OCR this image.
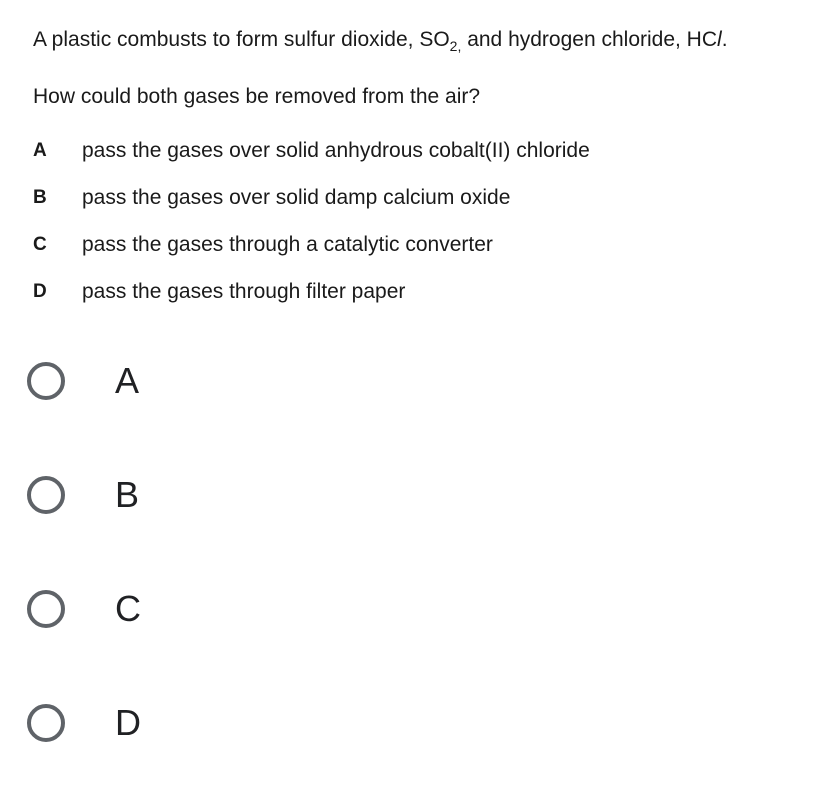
A plastic combusts to form sulfur dioxide, $SO_{2,}$ and hydrogen chloride, HCl.
How could both gases be removed from the air?
A	pass the gases over solid anhydrous cobalt(II) chloride
B	pass the gases over solid damp calcium oxide
C	pass the gases through a catalytic converter
D	pass the gases through filter paper
A
B
C
D
